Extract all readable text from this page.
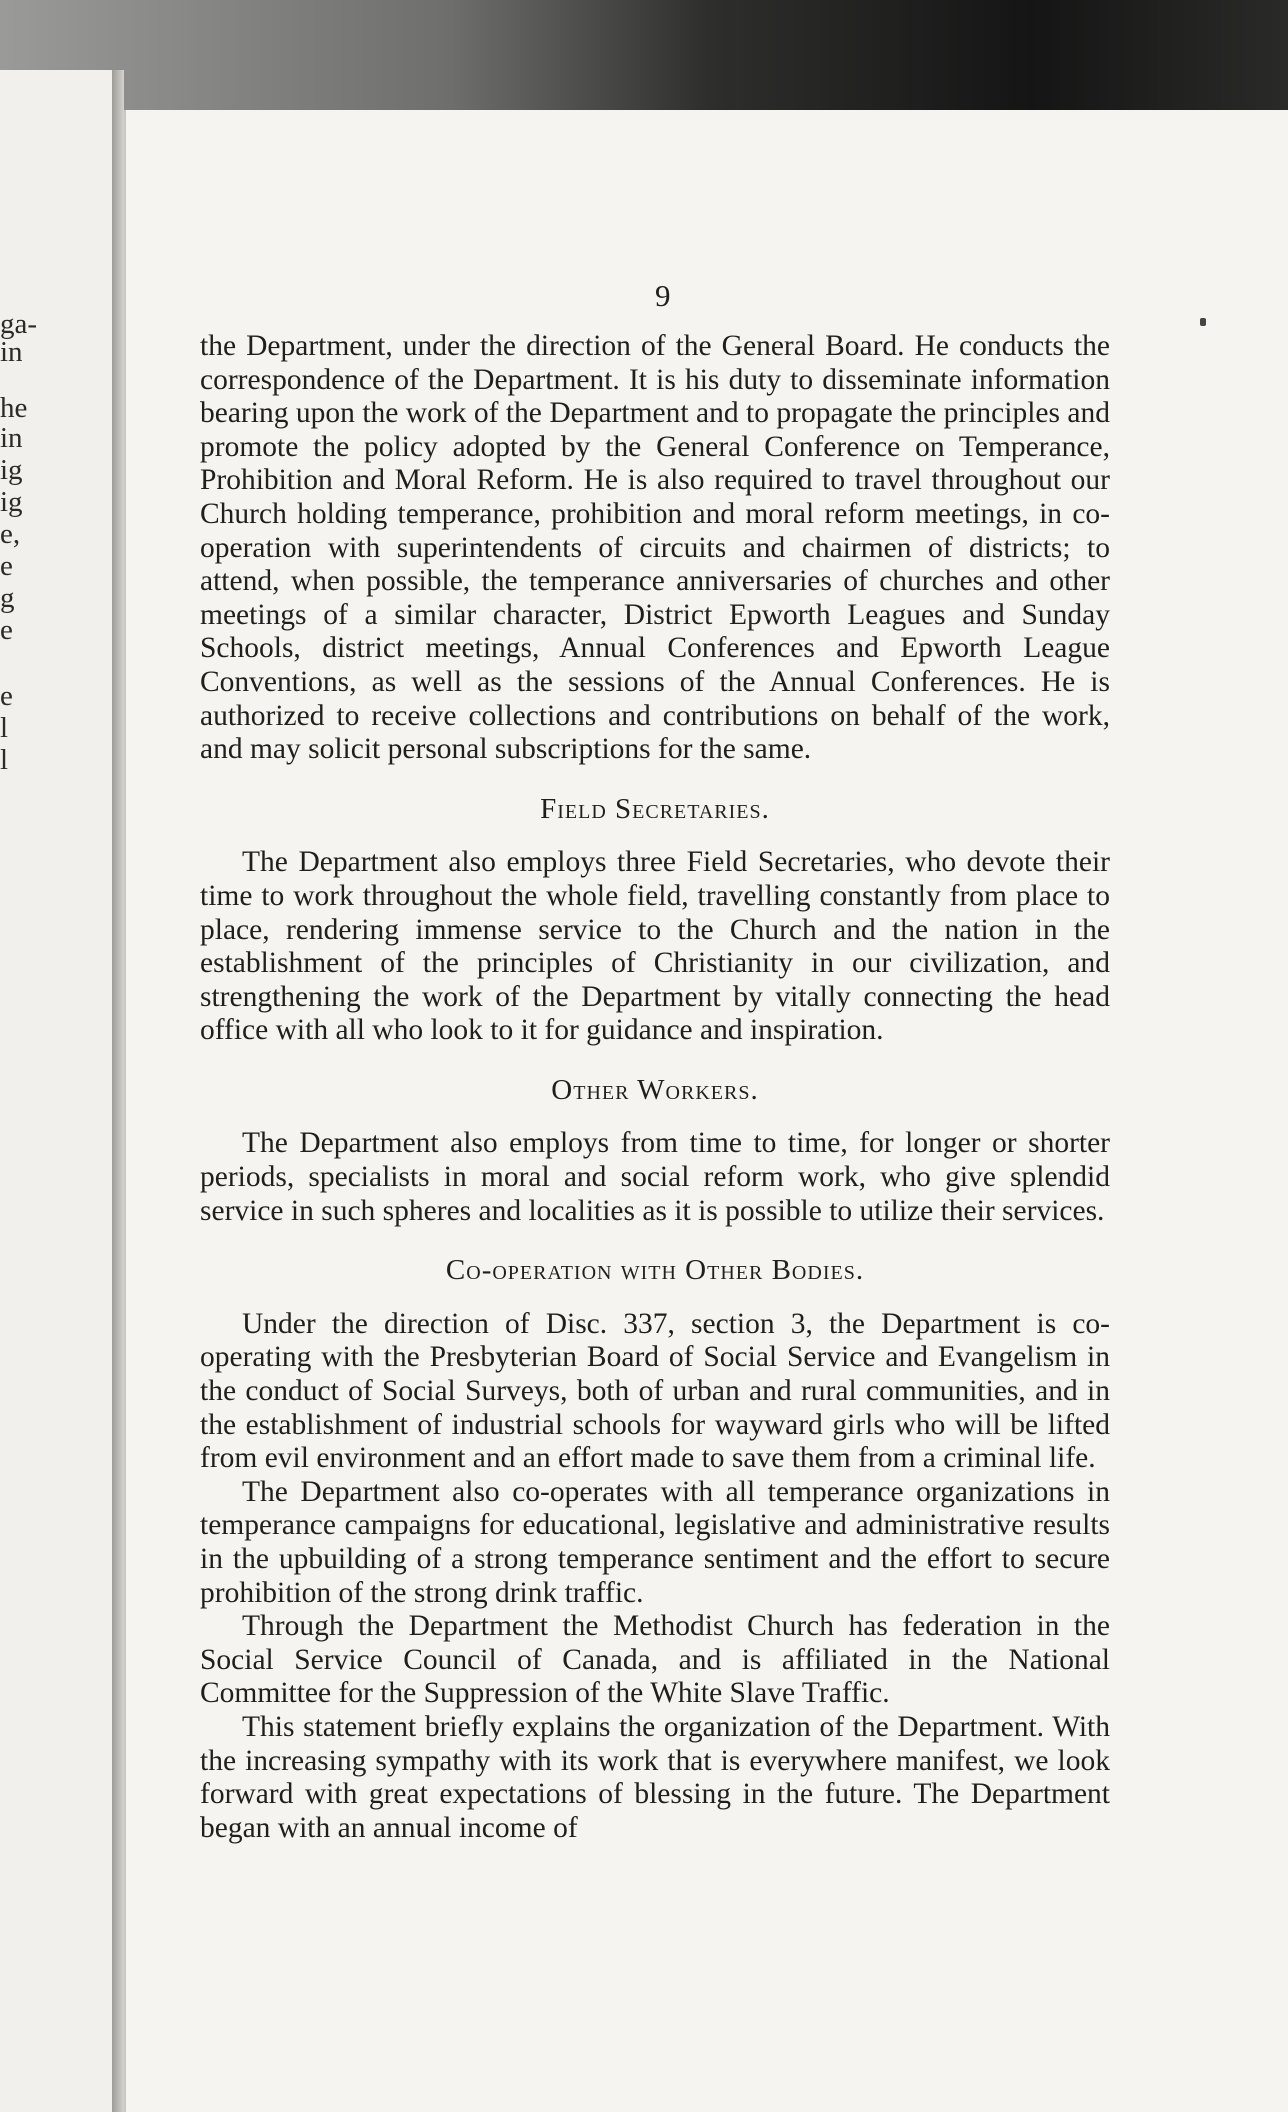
ga-
in
he
in
ig
ig
e,
e
g
e
e
l
l
9

the Department, under the direction of the General Board. He conducts the correspondence of the Department. It is his duty to disseminate information bearing upon the work of the Department and to propagate the principles and promote the policy adopted by the General Conference on Temperance, Prohibition and Moral Reform. He is also required to travel throughout our Church holding temperance, prohibition and moral reform meetings, in co-operation with superintendents of circuits and chairmen of districts; to attend, when possible, the temperance anniversaries of churches and other meetings of a similar character, District Epworth Leagues and Sunday Schools, district meetings, Annual Conferences and Epworth League Conventions, as well as the sessions of the Annual Conferences. He is authorized to receive collections and contributions on behalf of the work, and may solicit personal subscriptions for the same.

Field Secretaries.

The Department also employs three Field Secretaries, who devote their time to work throughout the whole field, travelling constantly from place to place, rendering immense service to the Church and the nation in the establishment of the principles of Christianity in our civilization, and strengthening the work of the Department by vitally connecting the head office with all who look to it for guidance and inspiration.

Other Workers.

The Department also employs from time to time, for longer or shorter periods, specialists in moral and social reform work, who give splendid service in such spheres and localities as it is possible to utilize their services.

Co-operation with Other Bodies.

Under the direction of Disc. 337, section 3, the Department is co-operating with the Presbyterian Board of Social Service and Evangelism in the conduct of Social Surveys, both of urban and rural communities, and in the establishment of industrial schools for wayward girls who will be lifted from evil environment and an effort made to save them from a criminal life.

The Department also co-operates with all temperance organizations in temperance campaigns for educational, legislative and administrative results in the upbuilding of a strong temperance sentiment and the effort to secure prohibition of the strong drink traffic.

Through the Department the Methodist Church has federation in the Social Service Council of Canada, and is affiliated in the National Committee for the Suppression of the White Slave Traffic.

This statement briefly explains the organization of the Department. With the increasing sympathy with its work that is everywhere manifest, we look forward with great expectations of blessing in the future. The Department began with an annual income of
